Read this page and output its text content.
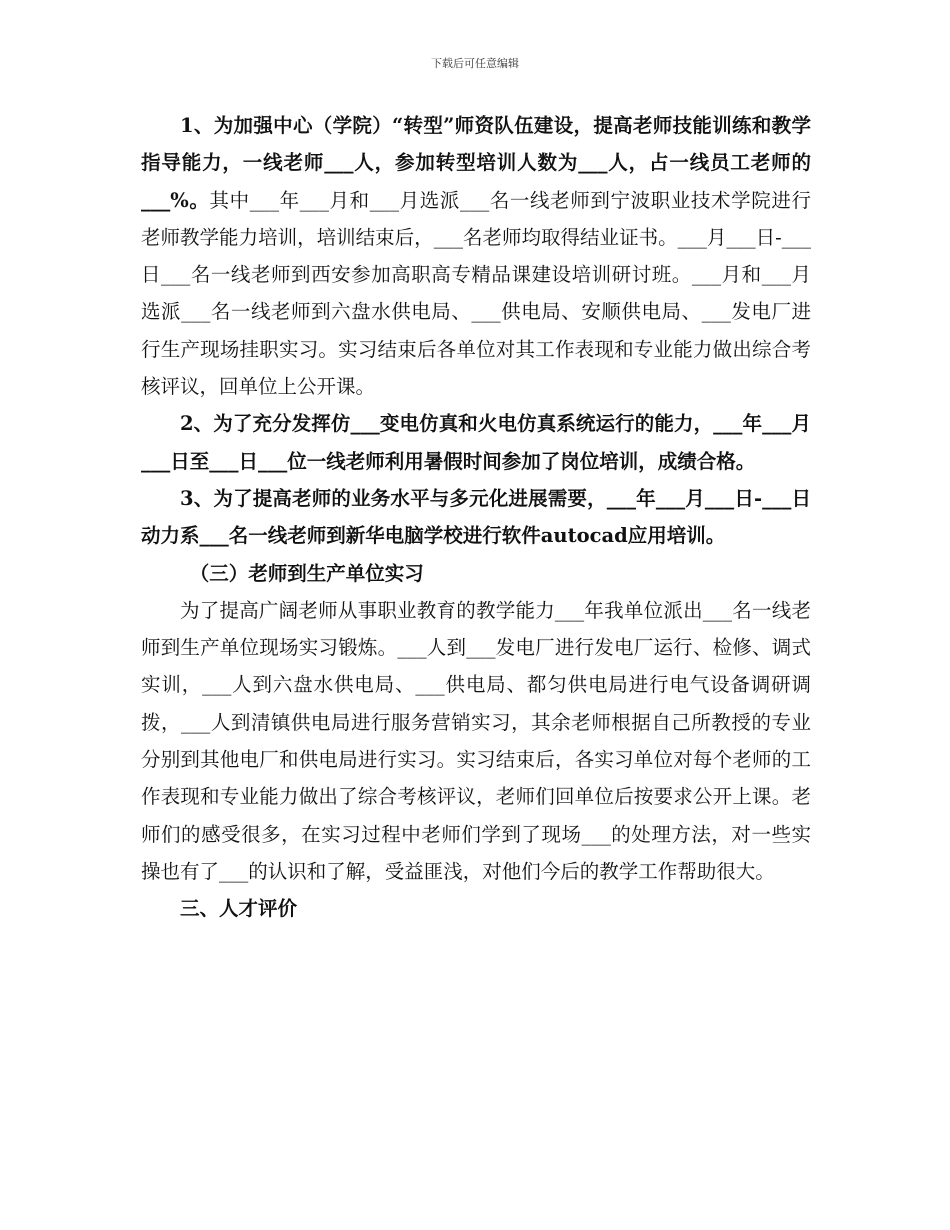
下载后可任意编辑

1、为加强中心（学院）“转型”师资队伍建设，提高老师技能训练和教学指导能力，一线老师___人，参加转型培训人数为___人，占一线员工老师的___%。其中___年___月和___月选派___名一线老师到宁波职业技术学院进行老师教学能力培训，培训结束后，___名老师均取得结业证书。___月___日-___日___名一线老师到西安参加高职高专精品课建设培训研讨班。___月和___月选派___名一线老师到六盘水供电局、___供电局、安顺供电局、___发电厂进行生产现场挂职实习。实习结束后各单位对其工作表现和专业能力做出综合考核评议，回单位上公开课。

2、为了充分发挥仿___变电仿真和火电仿真系统运行的能力，___年___月___日至___日___位一线老师利用暑假时间参加了岗位培训，成绩合格。

3、为了提高老师的业务水平与多元化进展需要，___年___月___日-___日动力系___名一线老师到新华电脑学校进行软件autocad应用培训。

（三）老师到生产单位实习

为了提高广阔老师从事职业教育的教学能力___年我单位派出___名一线老师到生产单位现场实习锻炼。___人到___发电厂进行发电厂运行、检修、调式实训，___人到六盘水供电局、___供电局、都匀供电局进行电气设备调研调拨，___人到清镇供电局进行服务营销实习，其余老师根据自己所教授的专业分别到其他电厂和供电局进行实习。实习结束后，各实习单位对每个老师的工作表现和专业能力做出了综合考核评议，老师们回单位后按要求公开上课。老师们的感受很多，在实习过程中老师们学到了现场___的处理方法，对一些实操也有了___的认识和了解，受益匪浅，对他们今后的教学工作帮助很大。

三、人才评价
